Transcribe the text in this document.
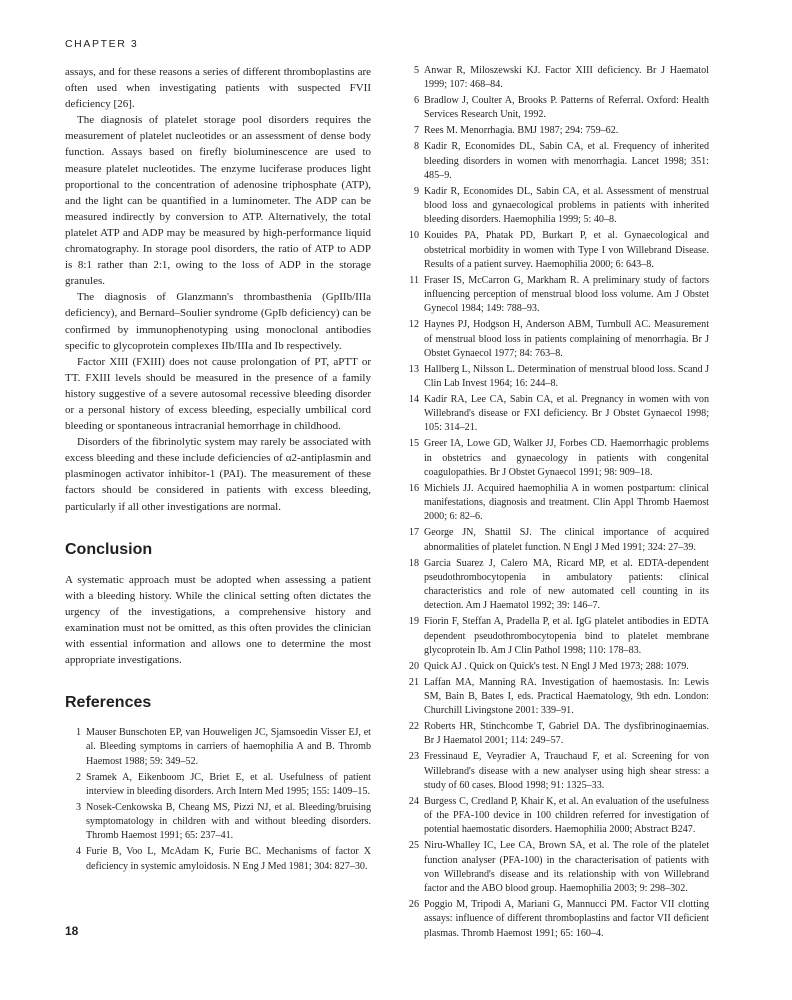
CHAPTER 3

assays, and for these reasons a series of different thromboplastins are often used when investigating patients with suspected FVII deficiency [26].

The diagnosis of platelet storage pool disorders requires the measurement of platelet nucleotides or an assessment of dense body function. Assays based on firefly bioluminescence are used to measure platelet nucleotides. The enzyme luciferase produces light proportional to the concentration of adenosine triphosphate (ATP), and the light can be quantified in a luminometer. The ADP can be measured indirectly by conversion to ATP. Alternatively, the total platelet ATP and ADP may be measured by high-performance liquid chromatography. In storage pool disorders, the ratio of ATP to ADP is 8:1 rather than 2:1, owing to the loss of ADP in the storage granules.

The diagnosis of Glanzmann's thrombasthenia (GpIIb/IIIa deficiency), and Bernard–Soulier syndrome (GpIb deficiency) can be confirmed by immunophenotyping using monoclonal antibodies specific to glycoprotein complexes IIb/IIIa and Ib respectively.

Factor XIII (FXIII) does not cause prolongation of PT, aPTT or TT. FXIII levels should be measured in the presence of a family history suggestive of a severe autosomal recessive bleeding disorder or a personal history of excess bleeding, especially umbilical cord bleeding or spontaneous intracranial hemorrhage in childhood.

Disorders of the fibrinolytic system may rarely be associated with excess bleeding and these include deficiencies of α2-antiplasmin and plasminogen activator inhibitor-1 (PAI). The measurement of these factors should be considered in patients with excess bleeding, particularly if all other investigations are normal.

Conclusion

A systematic approach must be adopted when assessing a patient with a bleeding history. While the clinical setting often dictates the urgency of the investigations, a comprehensive history and examination must not be omitted, as this often provides the clinician with essential information and allows one to determine the most appropriate investigations.

References
1 Mauser Bunschoten EP, van Houweligen JC, Sjamsoedin Visser EJ, et al. Bleeding symptoms in carriers of haemophilia A and B. Thromb Haemost 1988; 59: 349–52.
2 Sramek A, Eikenboom JC, Briet E, et al. Usefulness of patient interview in bleeding disorders. Arch Intern Med 1995; 155: 1409–15.
3 Nosek-Cenkowska B, Cheang MS, Pizzi NJ, et al. Bleeding/bruising symptomatology in children with and without bleeding disorders. Thromb Haemost 1991; 65: 237–41.
4 Furie B, Voo L, McAdam K, Furie BC. Mechanisms of factor X deficiency in systemic amyloidosis. N Eng J Med 1981; 304: 827–30.
5 Anwar R, Miloszewski KJ. Factor XIII deficiency. Br J Haematol 1999; 107: 468–84.
6 Bradlow J, Coulter A, Brooks P. Patterns of Referral. Oxford: Health Services Research Unit, 1992.
7 Rees M. Menorrhagia. BMJ 1987; 294: 759–62.
8 Kadir R, Economides DL, Sabin CA, et al. Frequency of inherited bleeding disorders in women with menorrhagia. Lancet 1998; 351: 485–9.
9 Kadir R, Economides DL, Sabin CA, et al. Assessment of menstrual blood loss and gynaecological problems in patients with inherited bleeding disorders. Haemophilia 1999; 5: 40–8.
10 Kouides PA, Phatak PD, Burkart P, et al. Gynaecological and obstetrical morbidity in women with Type I von Willebrand Disease. Results of a patient survey. Haemophilia 2000; 6: 643–8.
11 Fraser IS, McCarron G, Markham R. A preliminary study of factors influencing perception of menstrual blood loss volume. Am J Obstet Gynecol 1984; 149: 788–93.
12 Haynes PJ, Hodgson H, Anderson ABM, Turnbull AC. Measurement of menstrual blood loss in patients complaining of menorrhagia. Br J Obstet Gynaecol 1977; 84: 763–8.
13 Hallberg L, Nilsson L. Determination of menstrual blood loss. Scand J Clin Lab Invest 1964; 16: 244–8.
14 Kadir RA, Lee CA, Sabin CA, et al. Pregnancy in women with von Willebrand's disease or FXI deficiency. Br J Obstet Gynaecol 1998; 105: 314–21.
15 Greer IA, Lowe GD, Walker JJ, Forbes CD. Haemorrhagic problems in obstetrics and gynaecology in patients with congenital coagulopathies. Br J Obstet Gynaecol 1991; 98: 909–18.
16 Michiels JJ. Acquired haemophilia A in women postpartum: clinical manifestations, diagnosis and treatment. Clin Appl Thromb Haemost 2000; 6: 82–6.
17 George JN, Shattil SJ. The clinical importance of acquired abnormalities of platelet function. N Engl J Med 1991; 324: 27–39.
18 Garcia Suarez J, Calero MA, Ricard MP, et al. EDTA-dependent pseudothrombocytopenia in ambulatory patients: clinical characteristics and role of new automated cell counting in its detection. Am J Haematol 1992; 39: 146–7.
19 Fiorin F, Steffan A, Pradella P, et al. IgG platelet antibodies in EDTA dependent pseudothrombocytopenia bind to platelet membrane glycoprotein Ib. Am J Clin Pathol 1998; 110: 178–83.
20 Quick AJ . Quick on Quick's test. N Engl J Med 1973; 288: 1079.
21 Laffan MA, Manning RA. Investigation of haemostasis. In: Lewis SM, Bain B, Bates I, eds. Practical Haematology, 9th edn. London: Churchill Livingstone 2001: 339–91.
22 Roberts HR, Stinchcombe T, Gabriel DA. The dysfibrinoginaemias. Br J Haematol 2001; 114: 249–57.
23 Fressinaud E, Veyradier A, Trauchaud F, et al. Screening for von Willebrand's disease with a new analyser using high shear stress: a study of 60 cases. Blood 1998; 91: 1325–33.
24 Burgess C, Credland P, Khair K, et al. An evaluation of the usefulness of the PFA-100 device in 100 children referred for investigation of potential haemostatic disorders. Haemophilia 2000; Abstract B247.
25 Niru-Whalley IC, Lee CA, Brown SA, et al. The role of the platelet function analyser (PFA-100) in the characterisation of patients with von Willebrand's disease and its relationship with von Willebrand factor and the ABO blood group. Haemophilia 2003; 9: 298–302.
26 Poggio M, Tripodi A, Mariani G, Mannucci PM. Factor VII clotting assays: influence of different thromboplastins and factor VII deficient plasmas. Thromb Haemost 1991; 65: 160–4.
18
